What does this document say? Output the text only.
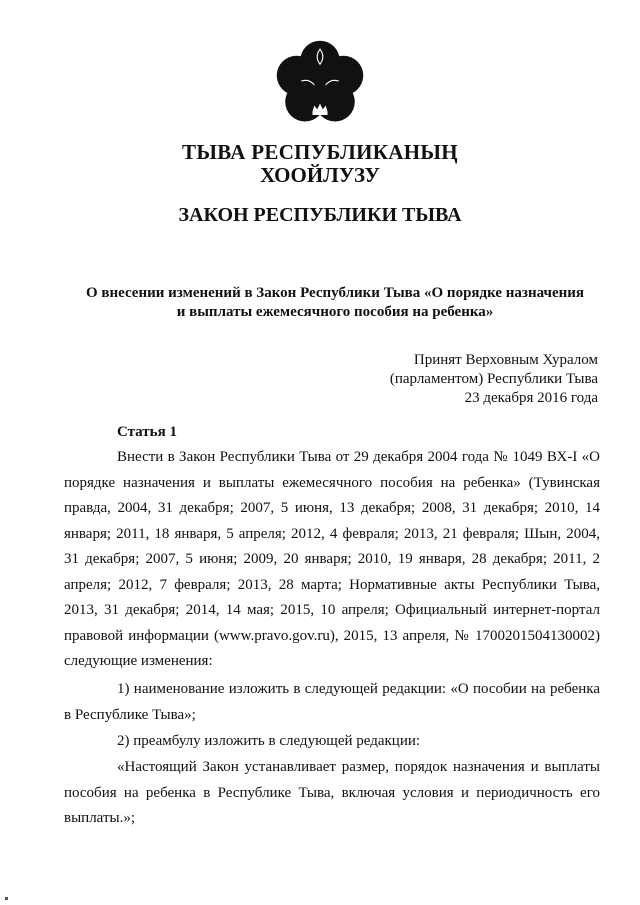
ТЫВА РЕСПУБЛИКАНЫҢ
ХООЙЛУЗУ
ЗАКОН РЕСПУБЛИКИ ТЫВА
О внесении изменений в Закон Республики Тыва «О порядке назначения
и выплаты ежемесячного пособия на ребенка»
Принят Верховным Хуралом
(парламентом) Республики Тыва
23 декабря 2016 года
Статья 1

Внести в Закон Республики Тыва от 29 декабря 2004 года № 1049 ВХ-I «О порядке назначения и выплаты ежемесячного пособия на ребенка» (Тувинская правда, 2004, 31 декабря; 2007, 5 июня, 13 декабря; 2008, 31 декабря; 2010, 14 января; 2011, 18 января, 5 апреля; 2012, 4 февраля; 2013, 21 февраля; Шын, 2004, 31 декабря; 2007, 5 июня; 2009, 20 января; 2010, 19 января, 28 декабря; 2011, 2 апреля; 2012, 7 февраля; 2013, 28 марта; Нормативные акты Республики Тыва, 2013, 31 декабря; 2014, 14 мая; 2015, 10 апреля; Официальный интернет-портал правовой информации (www.pravo.gov.ru), 2015, 13 апреля, № 1700201504130002) следующие изменения:

1) наименование изложить в следующей редакции: «О пособии на ребенка в Республике Тыва»;

2) преамбулу изложить в следующей редакции:

«Настоящий Закон устанавливает размер, порядок назначения и выплаты пособия на ребенка в Республике Тыва, включая условия и периодичность его выплаты.»;
